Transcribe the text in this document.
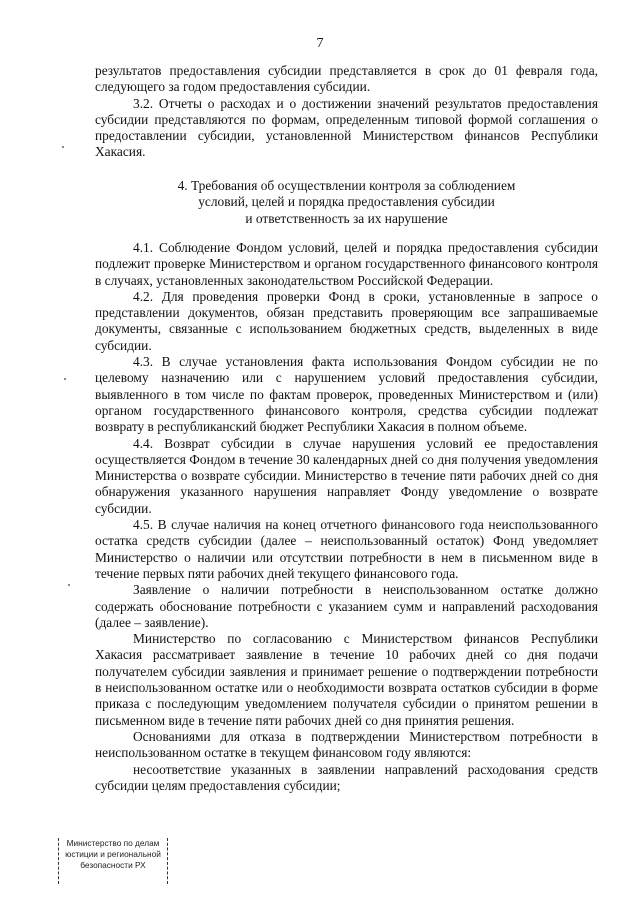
7

результатов предоставления субсидии представляется в срок до 01 февраля года, следующего за годом предоставления субсидии.

3.2. Отчеты о расходах и о достижении значений результатов предоставления субсидии представляются по формам, определенным типовой формой соглашения о предоставлении субсидии, установленной Министерством финансов Республики Хакасия.

4. Требования об осуществлении контроля за соблюдением
условий, целей и порядка предоставления субсидии
и ответственность за их нарушение

4.1. Соблюдение Фондом условий, целей и порядка предоставления субсидии подлежит проверке Министерством и органом государственного финансового контроля в случаях, установленных законодательством Российской Федерации.

4.2. Для проведения проверки Фонд в сроки, установленные в запросе о представлении документов, обязан представить проверяющим все запрашиваемые документы, связанные с использованием бюджетных средств, выделенных в виде субсидии.

4.3. В случае установления факта использования Фондом субсидии не по целевому назначению или с нарушением условий предоставления субсидии, выявленного в том числе по фактам проверок, проведенных Министерством и (или) органом государственного финансового контроля, средства субсидии подлежат возврату в республиканский бюджет Республики Хакасия в полном объеме.

4.4. Возврат субсидии в случае нарушения условий ее предоставления осуществляется Фондом в течение 30 календарных дней со дня получения уведомления Министерства о возврате субсидии. Министерство в течение пяти рабочих дней со дня обнаружения указанного нарушения направляет Фонду уведомление о возврате субсидии.

4.5. В случае наличия на конец отчетного финансового года неиспользованного остатка средств субсидии (далее – неиспользованный остаток) Фонд уведомляет Министерство о наличии или отсутствии потребности в нем в письменном виде в течение первых пяти рабочих дней текущего финансового года.

Заявление о наличии потребности в неиспользованном остатке должно содержать обоснование потребности с указанием сумм и направлений расходования (далее – заявление).

Министерство по согласованию с Министерством финансов Республики Хакасия рассматривает заявление в течение 10 рабочих дней со дня подачи получателем субсидии заявления и принимает решение о подтверждении потребности в неиспользованном остатке или о необходимости возврата остатков субсидии в форме приказа с последующим уведомлением получателя субсидии о принятом решении в письменном виде в течение пяти рабочих дней со дня принятия решения.

Основаниями для отказа в подтверждении Министерством потребности в неиспользованном остатке в текущем финансовом году являются:

несоответствие указанных в заявлении направлений расходования средств субсидии целям предоставления субсидии;

Министерство по делам
юстиции и региональной
безопасности РХ
